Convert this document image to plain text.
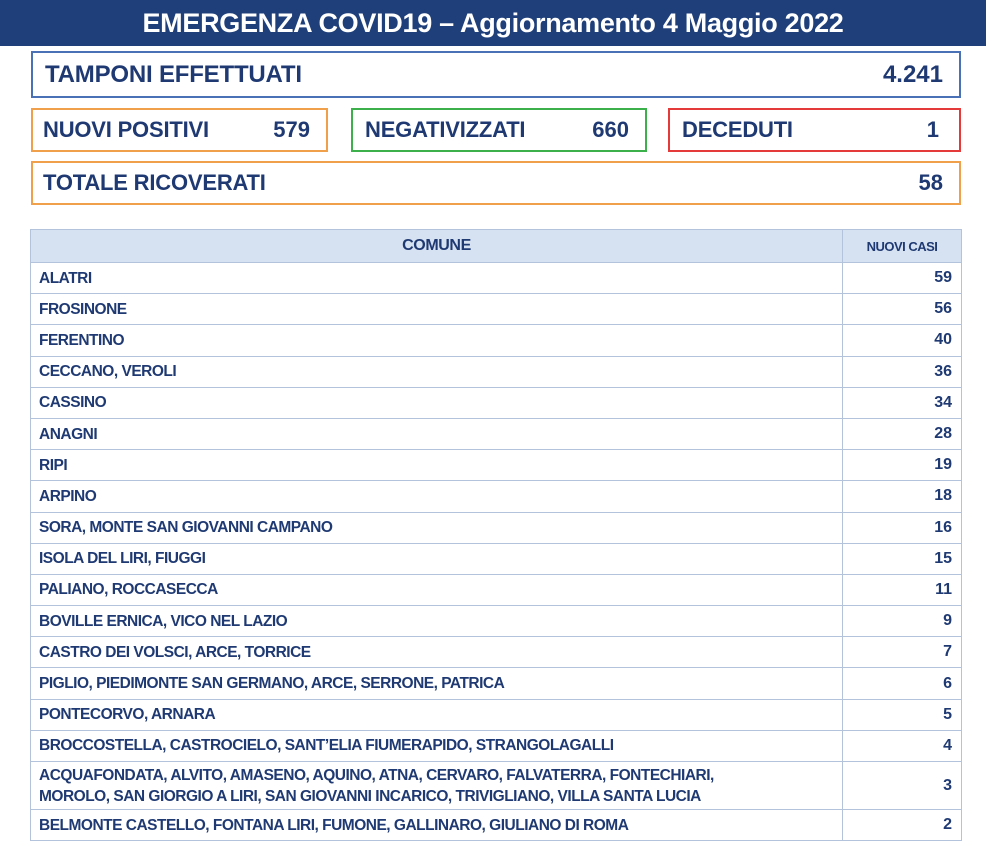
EMERGENZA COVID19 – Aggiornamento 4 Maggio 2022
TAMPONI EFFETTUATI	4.241
NUOVI POSITIVI	579	NEGATIVIZZATI	660 DECEDUTI	1
TOTALE RICOVERATI	58
COMUNE	NUOVI CASI
ALATRI	59
FROSINONE	56
FERENTINO	40
CECCANO, VEROLI	36
CASSINO	34
ANAGNI	28
RIPI	19
ARPINO	18
SORA, MONTE SAN GIOVANNI CAMPANO	16
ISOLA DEL LIRI, FIUGGI	15
PALIANO, ROCCASECCA	11
BOVILLE ERNICA, VICO NEL LAZIO	9
CASTRO DEI VOLSCI, ARCE, TORRICE	7
PIGLIO, PIEDIMONTE SAN GERMANO, ARCE, SERRONE, PATRICA	6
PONTECORVO, ARNARA	5
BROCCOSTELLA, CASTROCIELO, SANT’ELIA FIUMERAPIDO, STRANGOLAGALLI	4

ACQUAFONDATA, ALVITO, AMASENO, AQUINO, ATNA, CERVARO, FALVATERRA, FONTECHIARI,
MOROLO, SAN GIORGIO A LIRI, SAN GIOVANNI INCARICO, TRIVIGLIANO, VILLA SANTA LUCIA	3
BELMONTE CASTELLO, FONTANA LIRI, FUMONE, GALLINARO, GIULIANO DI ROMA	2
